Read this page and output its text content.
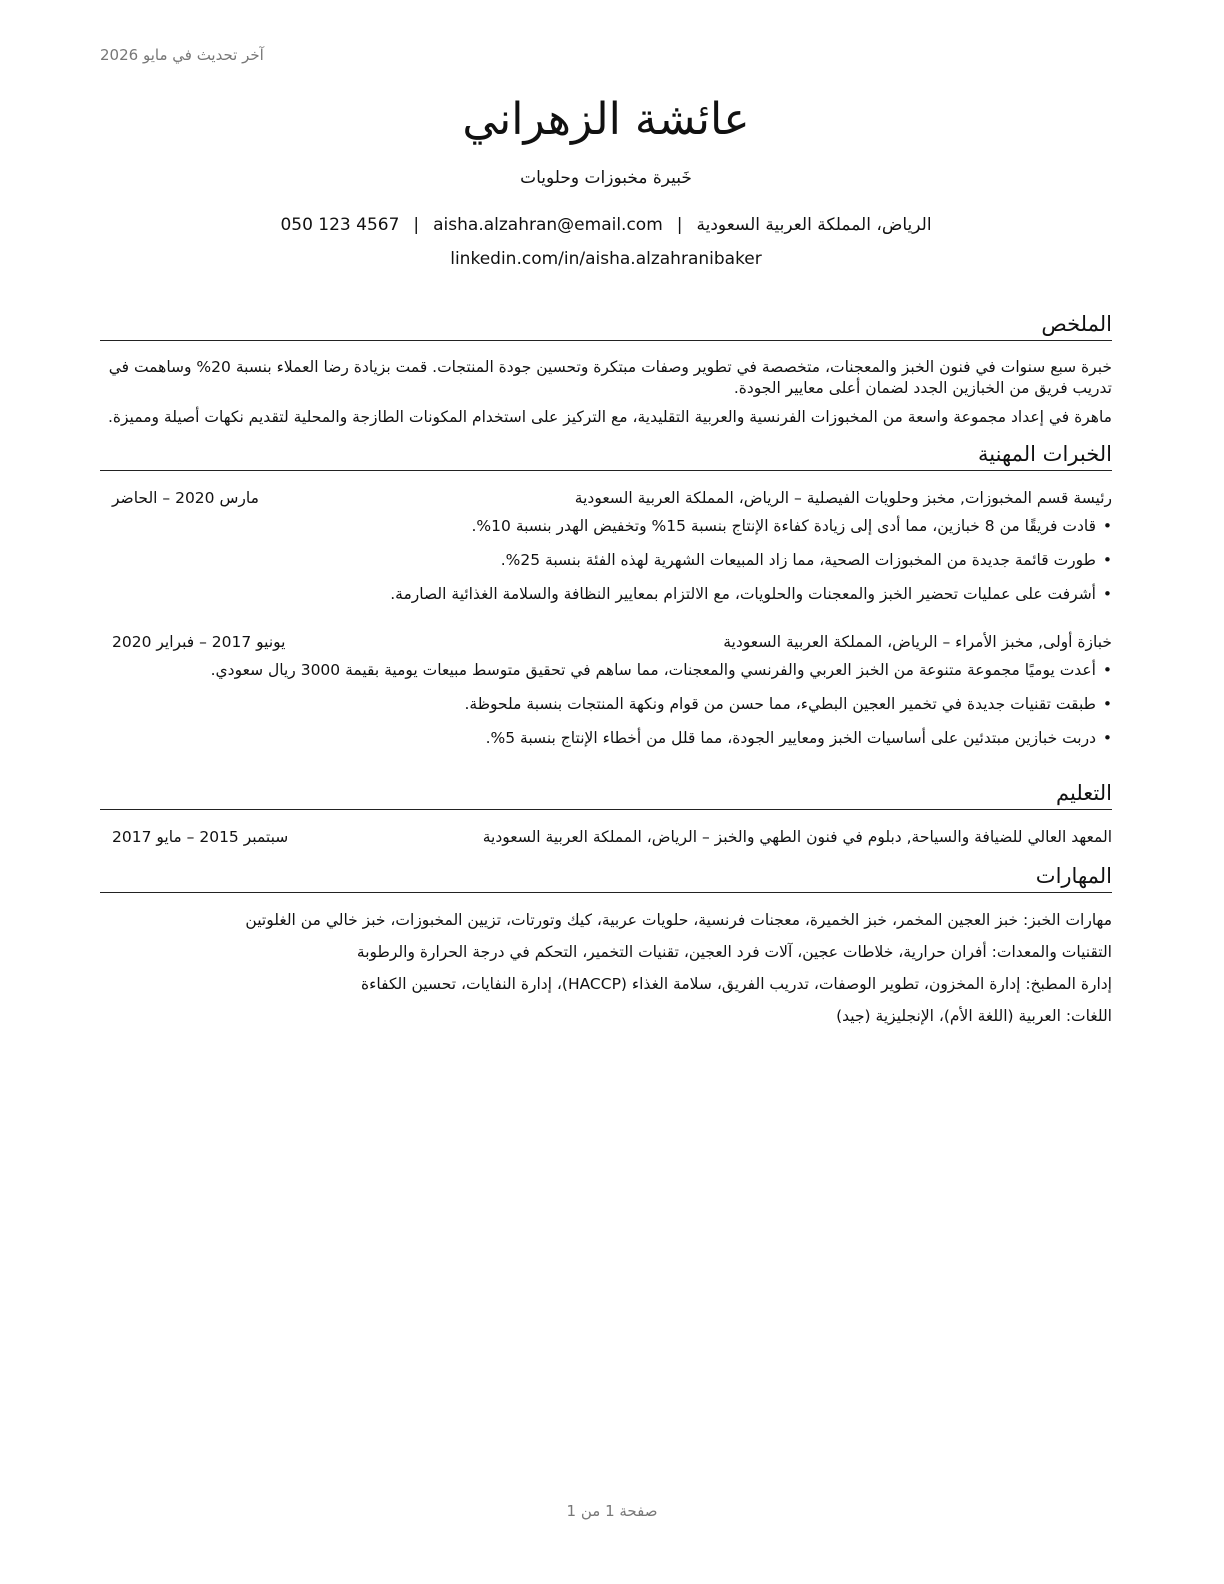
آخر تحديث في مايو 2026
عائشة الزهراني
خَبيرة مخبوزات وحلويات
الرياض، المملكة العربية السعودية|aisha.alzahran@email.com|050 123 4567
linkedin.com/in/aisha.alzahranibaker
الملخص

خبرة سبع سنوات في فنون الخبز والمعجنات، متخصصة في تطوير وصفات مبتكرة وتحسين جودة المنتجات. قمت بزيادة رضا العملاء بنسبة 20% وساهمت في تدريب فريق من الخبازين الجدد لضمان أعلى معايير الجودة.

ماهرة في إعداد مجموعة واسعة من المخبوزات الفرنسية والعربية التقليدية، مع التركيز على استخدام المكونات الطازجة والمحلية لتقديم نكهات أصيلة ومميزة.

الخبرات المهنية
رئيسة قسم المخبوزات, مخبز وحلويات الفيصلية – الرياض، المملكة العربية السعودية
مارس 2020 – الحاضر
• قادت فريقًا من 8 خبازين، مما أدى إلى زيادة كفاءة الإنتاج بنسبة 15% وتخفيض الهدر بنسبة 10%.
• طورت قائمة جديدة من المخبوزات الصحية، مما زاد المبيعات الشهرية لهذه الفئة بنسبة 25%.
• أشرفت على عمليات تحضير الخبز والمعجنات والحلويات، مع الالتزام بمعايير النظافة والسلامة الغذائية الصارمة.
خبازة أولى, مخبز الأمراء – الرياض، المملكة العربية السعودية
يونيو 2017 – فبراير 2020
• أعدت يوميًا مجموعة متنوعة من الخبز العربي والفرنسي والمعجنات، مما ساهم في تحقيق متوسط مبيعات يومية بقيمة 3000 ريال سعودي.
• طبقت تقنيات جديدة في تخمير العجين البطيء، مما حسن من قوام ونكهة المنتجات بنسبة ملحوظة.
• دربت خبازين مبتدئين على أساسيات الخبز ومعايير الجودة، مما قلل من أخطاء الإنتاج بنسبة 5%.
التعليم
المعهد العالي للضيافة والسياحة, دبلوم في فنون الطهي والخبز – الرياض، المملكة العربية السعودية
سبتمبر 2015 – مايو 2017
المهارات

مهارات الخبز: خبز العجين المخمر، خبز الخميرة، معجنات فرنسية، حلويات عربية، كيك وتورتات، تزيين المخبوزات، خبز خالي من الغلوتين

التقنيات والمعدات: أفران حرارية، خلاطات عجين، آلات فرد العجين، تقنيات التخمير، التحكم في درجة الحرارة والرطوبة

إدارة المطبخ: إدارة المخزون، تطوير الوصفات، تدريب الفريق، سلامة الغذاء (HACCP)، إدارة النفايات، تحسين الكفاءة

اللغات: العربية (اللغة الأم)، الإنجليزية (جيد)

صفحة 1 من 1
